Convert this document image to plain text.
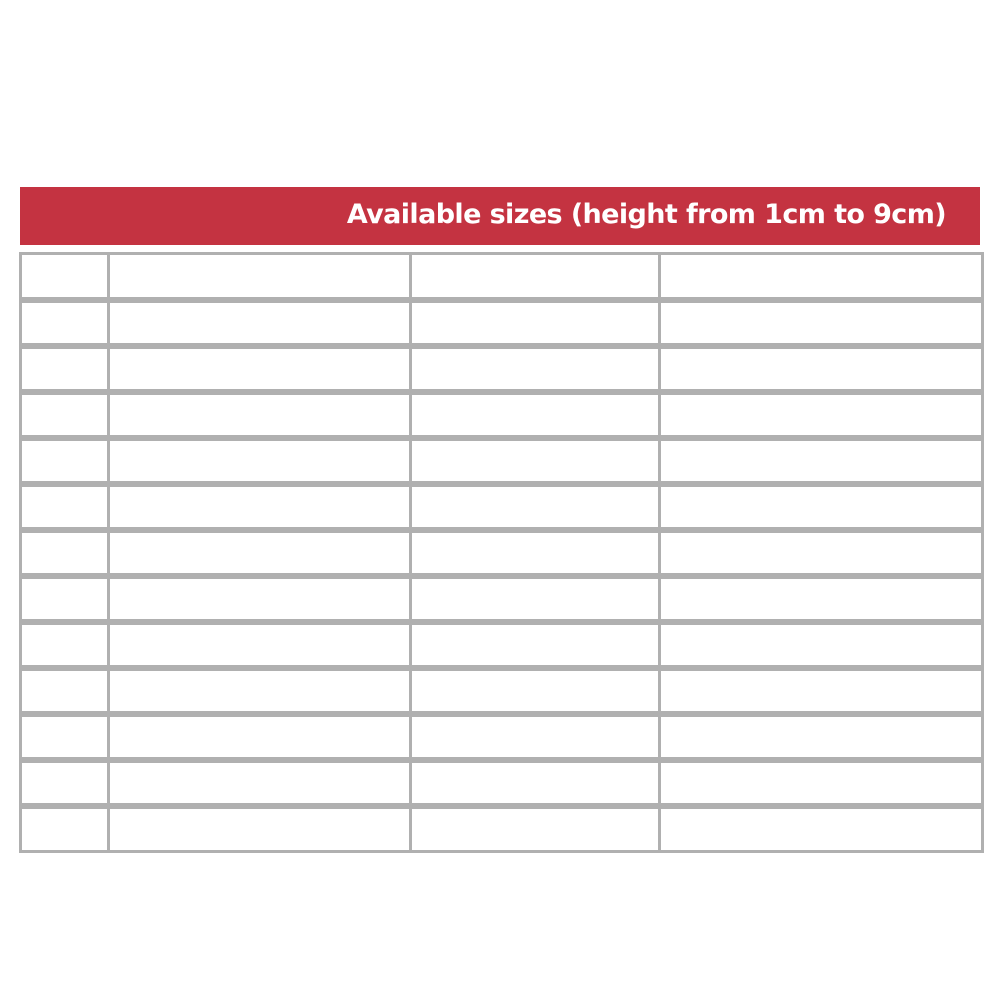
Available sizes (height from 1cm to 9cm)
